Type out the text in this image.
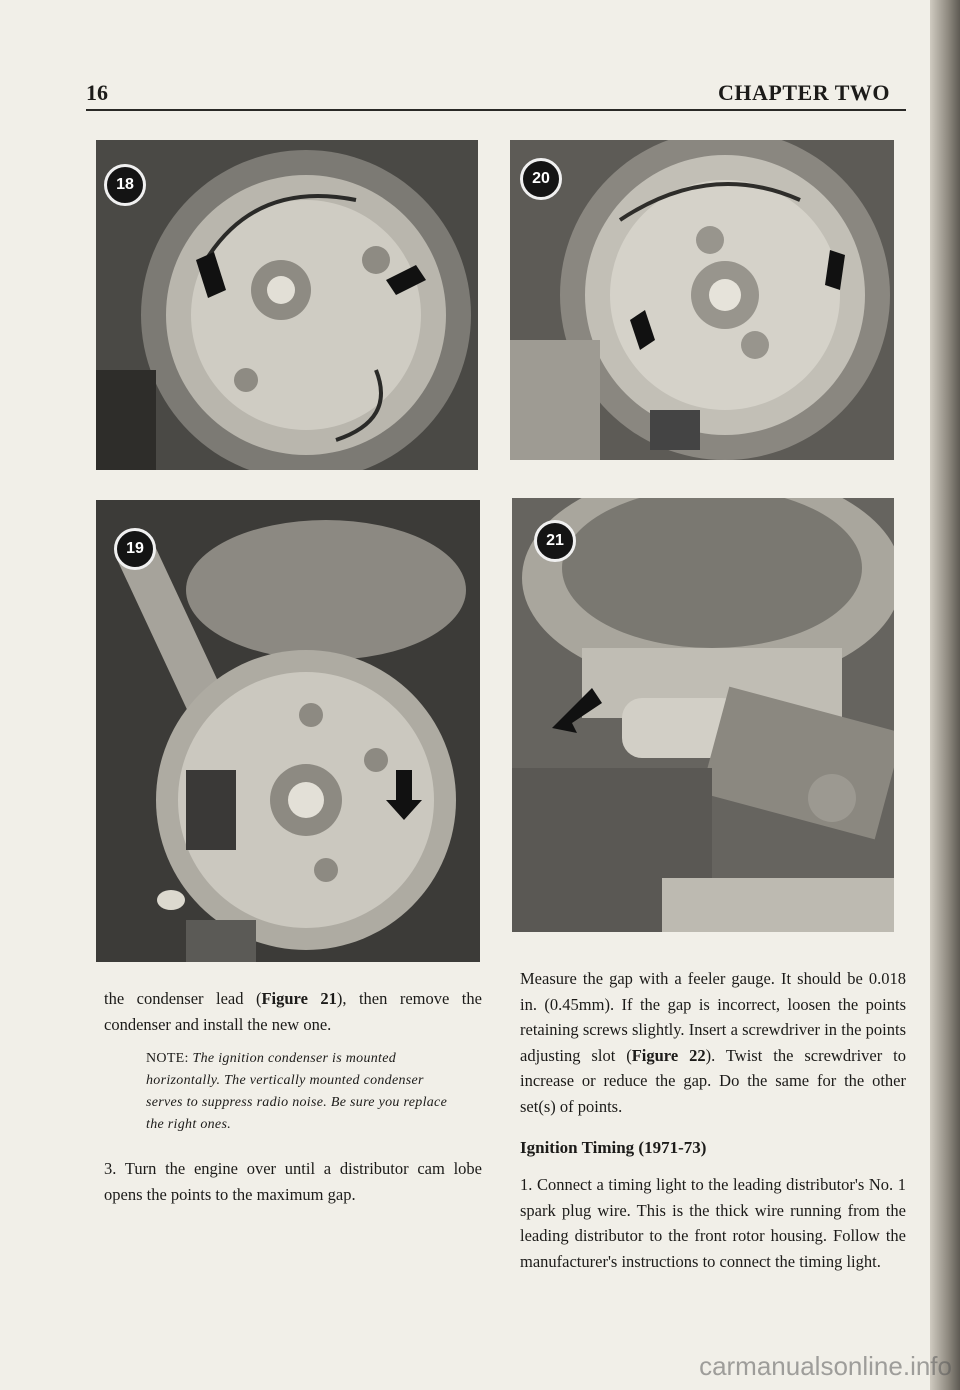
16	CHAPTER TWO
18	20
19	21
the condenser lead (Figure 21), then remove the condenser and install the new one.
NOTE: The ignition condenser is mounted horizontally. The vertically mounted condenser serves to suppress radio noise. Be sure you replace the right ones.
3. Turn the engine over until a distributor cam lobe opens the points to the maximum gap.
Measure the gap with a feeler gauge. It should be 0.018 in. (0.45mm). If the gap is incorrect, loosen the points retaining screws slightly. Insert a screwdriver in the points adjusting slot (Figure 22). Twist the screwdriver to increase or reduce the gap. Do the same for the other set(s) of points.
Ignition Timing (1971-73)
1. Connect a timing light to the leading distributor's No. 1 spark plug wire. This is the thick wire running from the leading distributor to the front rotor housing. Follow the manufacturer's instructions to connect the timing light.
carmanualsonline.info
